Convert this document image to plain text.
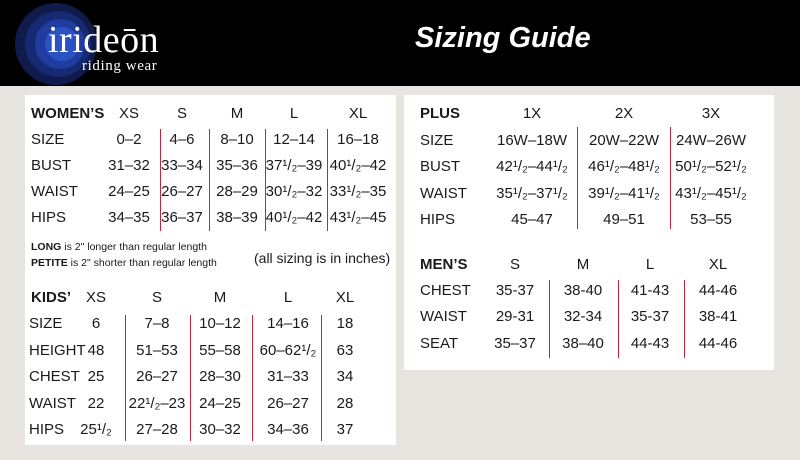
irideōn
riding wear
Sizing Guide
WOMEN’S XS	S	M	L	XL
SIZE	0–2 4–6 8–10 12–14 16–18
BUST 31–32 33–34 35–36 37¹/₂–39 40¹/₂–42
WAIST 24–25 26–27 28–29 30¹/₂–32 33¹/₂–35
HIPS	34–35 36–37 38–39 40¹/₂–42 43¹/₂–45
LONG is 2" longer than regular length
PETITE is 2" shorter than regular length	(all sizing is in inches)
KIDS’ XS	S	M	L	XL
SIZE 6	7–8 10–12 14–16 18
HEIGHT 48 51–53 55–58 60–62¹/₂ 63
CHEST 25 26–27 28–30 31–33 34
WAIST 22 22¹/₂–23 24–25 26–27 28
HIPS 25¹/₂ 27–28 30–32 34–36 37
PLUS	1X	2X	3X
SIZE	16W–18W 20W–22W 24W–26W
BUST 42¹/₂–44¹/₂ 46¹/₂–48¹/₂ 50¹/₂–52¹/₂
WAIST 35¹/₂–37¹/₂ 39¹/₂–41¹/₂ 43¹/₂–45¹/₂
HIPS	45–47	49–51	53–55
MEN’S	S	M	L	XL
CHEST 35-37 38-40 41-43 44-46
WAIST 29-31 32-34 35-37 38-41
SEAT 35–37 38–40 44-43 44-46
